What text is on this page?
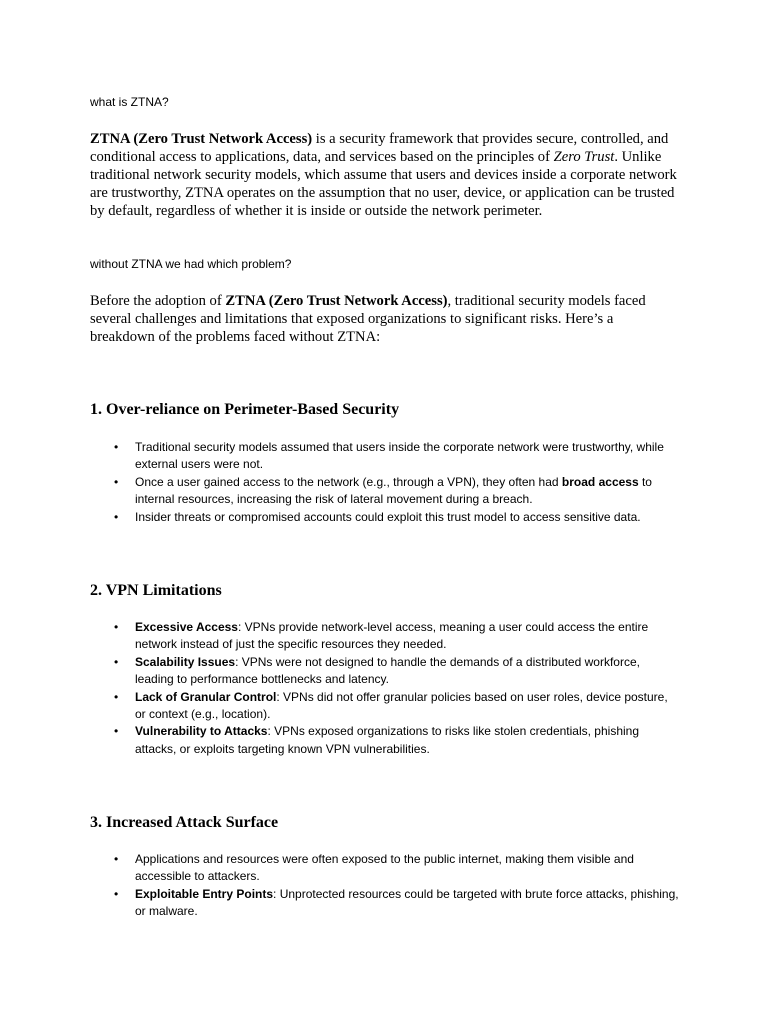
what is ZTNA?

ZTNA (Zero Trust Network Access) is a security framework that provides secure, controlled, and conditional access to applications, data, and services based on the principles of Zero Trust. Unlike traditional network security models, which assume that users and devices inside a corporate network are trustworthy, ZTNA operates on the assumption that no user, device, or application can be trusted by default, regardless of whether it is inside or outside the network perimeter.

without ZTNA we had which problem?

Before the adoption of ZTNA (Zero Trust Network Access), traditional security models faced several challenges and limitations that exposed organizations to significant risks. Here’s a breakdown of the problems faced without ZTNA:

1. Over-reliance on Perimeter-Based Security
• Traditional security models assumed that users inside the corporate network were trustworthy, while external users were not.
• Once a user gained access to the network (e.g., through a VPN), they often had broad access to internal resources, increasing the risk of lateral movement during a breach.
• Insider threats or compromised accounts could exploit this trust model to access sensitive data.
2. VPN Limitations
• Excessive Access: VPNs provide network-level access, meaning a user could access the entire network instead of just the specific resources they needed.
• Scalability Issues: VPNs were not designed to handle the demands of a distributed workforce, leading to performance bottlenecks and latency.
• Lack of Granular Control: VPNs did not offer granular policies based on user roles, device posture, or context (e.g., location).
• Vulnerability to Attacks: VPNs exposed organizations to risks like stolen credentials, phishing attacks, or exploits targeting known VPN vulnerabilities.
3. Increased Attack Surface
• Applications and resources were often exposed to the public internet, making them visible and accessible to attackers.
• Exploitable Entry Points: Unprotected resources could be targeted with brute force attacks, phishing, or malware.
